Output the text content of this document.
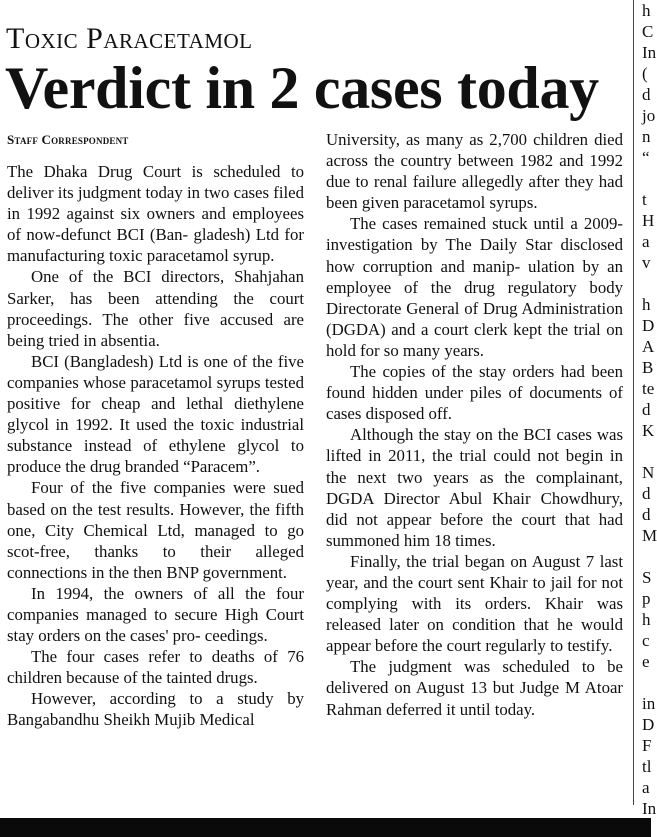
Toxic Paracetamol
Verdict in 2 cases today
Staff Correspondent

The Dhaka Drug Court is scheduled to deliver its judgment today in two cases filed in 1992 against six owners and employees of now-defunct BCI (Ban- gladesh) Ltd for manufacturing toxic paracetamol syrup.

One of the BCI directors, Shahjahan Sarker, has been attending the court proceedings. The other five accused are being tried in absentia.

BCI (Bangladesh) Ltd is one of the five companies whose paracetamol syrups tested positive for cheap and lethal diethylene glycol in 1992. It used the toxic industrial substance instead of ethylene glycol to produce the drug branded “Paracem”.

Four of the five companies were sued based on the test results. However, the fifth one, City Chemical Ltd, managed to go scot-free, thanks to their alleged connections in the then BNP government.

In 1994, the owners of all the four companies managed to secure High Court stay orders on the cases' pro- ceedings.

The four cases refer to deaths of 76 children because of the tainted drugs.

However, according to a study by Bangabandhu Sheikh Mujib Medical

University, as many as 2,700 children died across the country between 1982 and 1992 due to renal failure allegedly after they had been given paracetamol syrups.

The cases remained stuck until a 2009-investigation by The Daily Star disclosed how corruption and manip- ulation by an employee of the drug regulatory body Directorate General of Drug Administration (DGDA) and a court clerk kept the trial on hold for so many years.

The copies of the stay orders had been found hidden under piles of documents of cases disposed off.

Although the stay on the BCI cases was lifted in 2011, the trial could not begin in the next two years as the complainant, DGDA Director Abul Khair Chowdhury, did not appear before the court that had summoned him 18 times.

Finally, the trial began on August 7 last year, and the court sent Khair to jail for not complying with its orders. Khair was released later on condition that he would appear before the court regularly to testify.

The judgment was scheduled to be delivered on August 13 but Judge M Atoar Rahman deferred it until today.

h
C
In
(
d
jo
n
“
t
H
a
v
h
D
A
B
te
d
K
N
d
d
M
S
p
h
c
e
in
D
F
tl
a
In
